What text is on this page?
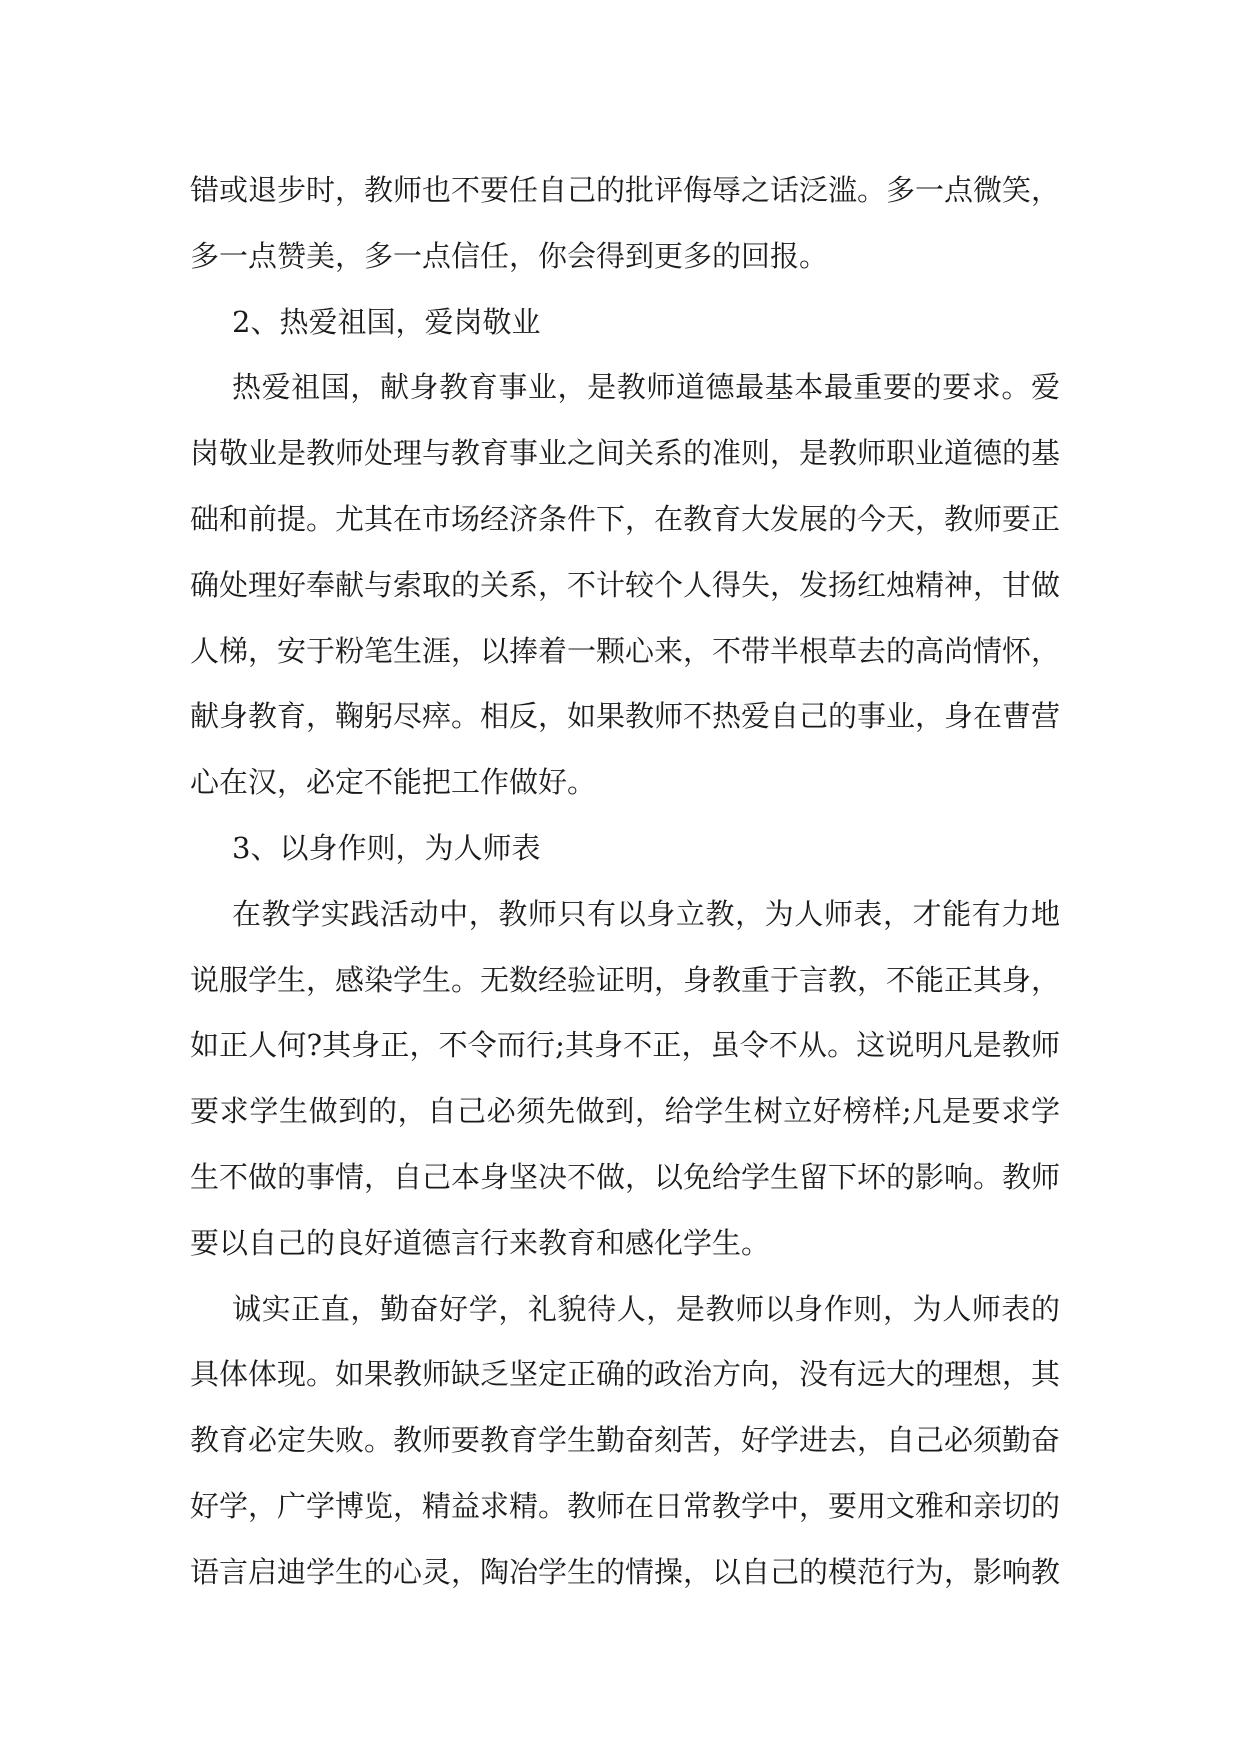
错或退步时，教师也不要任自己的批评侮辱之话泛滥。多一点微笑，
多一点赞美，多一点信任，你会得到更多的回报。
2、热爱祖国，爱岗敬业
热爱祖国，献身教育事业，是教师道德最基本最重要的要求。爱
岗敬业是教师处理与教育事业之间关系的准则，是教师职业道德的基
础和前提。尤其在市场经济条件下，在教育大发展的今天，教师要正
确处理好奉献与索取的关系，不计较个人得失，发扬红烛精神，甘做
人梯，安于粉笔生涯，以捧着一颗心来，不带半根草去的高尚情怀，
献身教育，鞠躬尽瘁。相反，如果教师不热爱自己的事业，身在曹营
心在汉，必定不能把工作做好。
3、以身作则，为人师表
在教学实践活动中，教师只有以身立教，为人师表，才能有力地
说服学生，感染学生。无数经验证明，身教重于言教，不能正其身，
如正人何?其身正，不令而行;其身不正，虽令不从。这说明凡是教师
要求学生做到的，自己必须先做到，给学生树立好榜样;凡是要求学
生不做的事情，自己本身坚决不做，以免给学生留下坏的影响。教师
要以自己的良好道德言行来教育和感化学生。
诚实正直，勤奋好学，礼貌待人，是教师以身作则，为人师表的
具体体现。如果教师缺乏坚定正确的政治方向，没有远大的理想，其
教育必定失败。教师要教育学生勤奋刻苦，好学进去，自己必须勤奋
好学，广学博览，精益求精。教师在日常教学中，要用文雅和亲切的
语言启迪学生的心灵，陶冶学生的情操，以自己的模范行为，影响教
